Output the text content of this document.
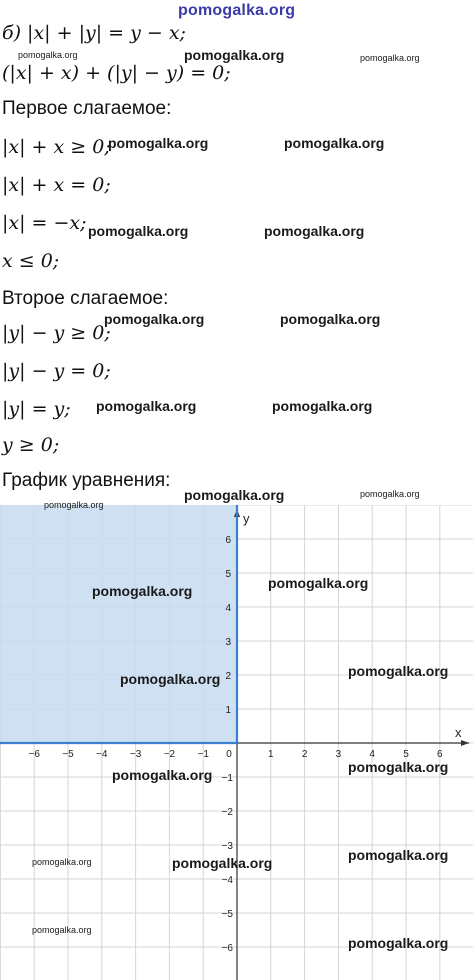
pomogalka.org
б) |x| + |y| = y − x;
pomogalka.org	pomogalka.org	pomogalka.org
(|x| + x) + (|y| − y) = 0;
Первое слагаемое:
|x| + x ≥ 0;
pomogalka.org	pomogalka.org
|x| + x = 0;
|x| = −x; pomogalka.org	pomogalka.org
x ≤ 0;
Второе слагаемое:
pomogalka.org	pomogalka.org
|y| − y ≥ 0;
|y| − y = 0;
|y| = y; pomogalka.org	pomogalka.org
y ≥ 0;
График уравнения:
pomogalka.org	pomogalka.org
−6 −5 −4 −3 −2 −1 0	1	2	3	4	5	6
1
2
3
4
5
6
−1
−2
−3
−4
−5
−6
x
y
pomogalka.org
pomogalka.org	pomogalka.org
pomogalka.org
pomogalka.org
pomogalka.org
pomogalka.org
pomogalka.org
pomogalka.org
pomogalka.org
pomogalka.org
pomogalka.org
